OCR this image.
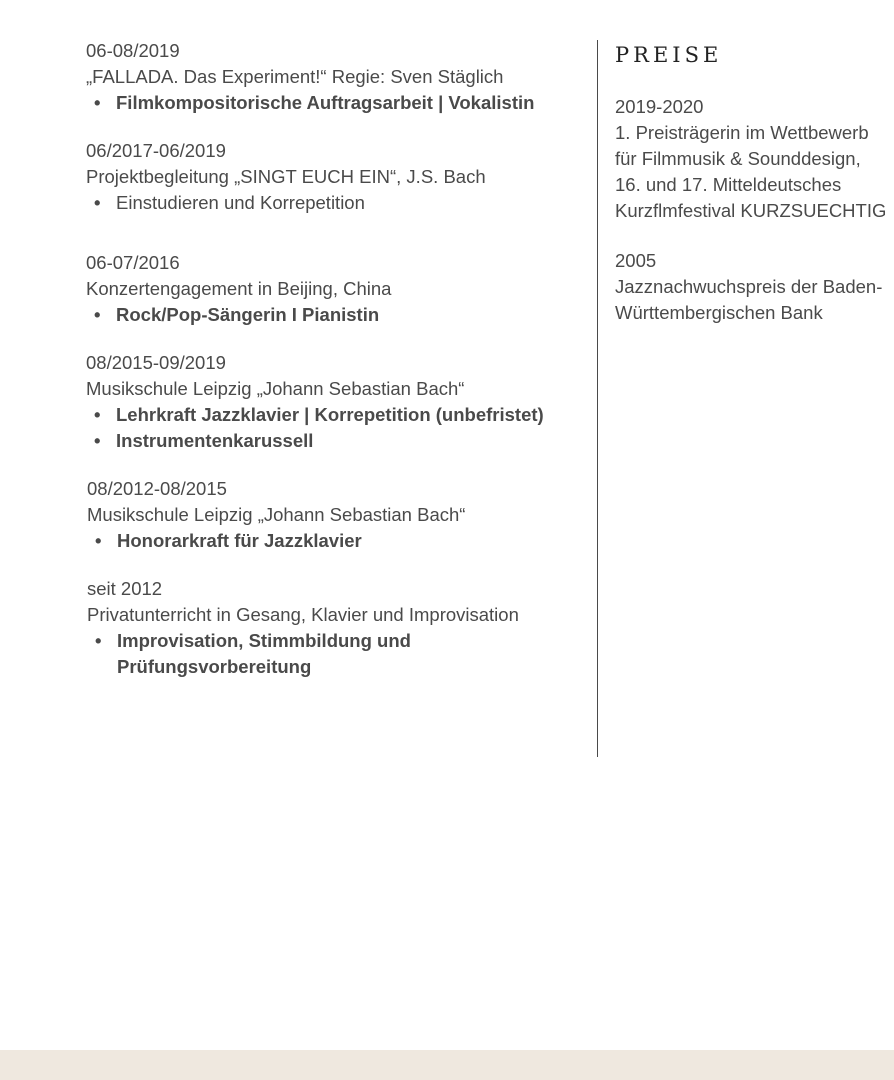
06-08/2019
„FALLADA. Das Experiment!“ Regie: Sven Stäglich
• Filmkompositorische Auftragsarbeit | Vokalistin
06/2017-06/2019
Projektbegleitung „SINGT EUCH EIN“, J.S. Bach
• Einstudieren und Korrepetition
06-07/2016
Konzertengagement in Beijing, China
• Rock/Pop-Sängerin I Pianistin
08/2015-09/2019
Musikschule Leipzig „Johann Sebastian Bach“
• Lehrkraft Jazzklavier | Korrepetition (unbefristet)
• Instrumentenkarussell
08/2012-08/2015
Musikschule Leipzig „Johann Sebastian Bach“
• Honorarkraft für Jazzklavier
seit 2012
Privatunterricht in Gesang, Klavier und Improvisation
• Improvisation, Stimmbildung und Prüfungsvorbereitung
PREISE
2019-2020
1. Preisträgerin im Wettbewerb
für Filmmusik & Sounddesign,
16. und 17. Mitteldeutsches
Kurzflmfestival KURZSUECHTIG
2005
Jazznachwuchspreis der Baden-
Württembergischen Bank
